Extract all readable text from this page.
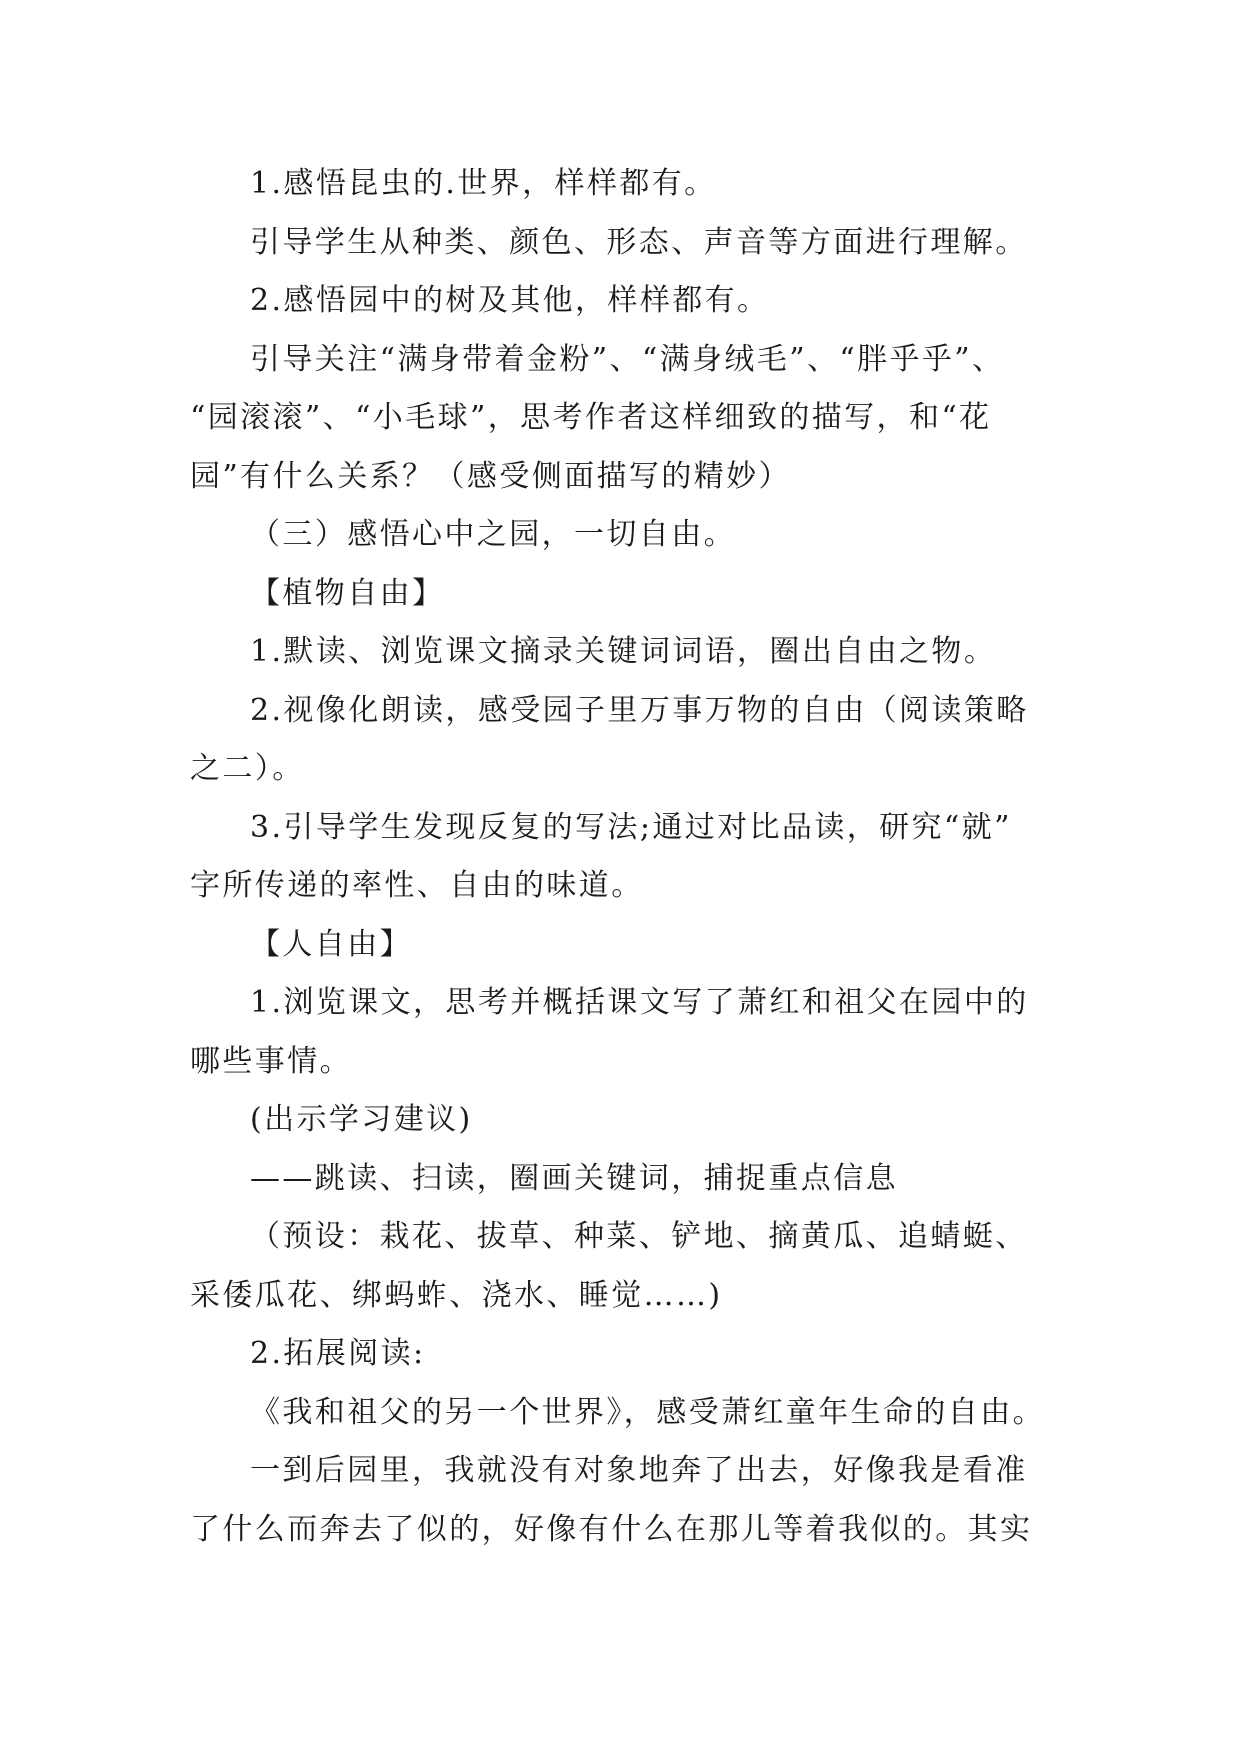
1.感悟昆虫的.世界，样样都有。

引导学生从种类、颜色、形态、声音等方面进行理解。

2.感悟园中的树及其他，样样都有。

引导关注“满身带着金粉”、“满身绒毛”、“胖乎乎”、

“园滚滚”、“小毛球”，思考作者这样细致的描写，和“花

园”有什么关系？（感受侧面描写的精妙）

（三）感悟心中之园，一切自由。

【植物自由】

1.默读、浏览课文摘录关键词词语，圈出自由之物。

2.视像化朗读，感受园子里万事万物的自由（阅读策略

之二）。

3.引导学生发现反复的写法;通过对比品读，研究“就”

字所传递的率性、自由的味道。

【人自由】

1.浏览课文，思考并概括课文写了萧红和祖父在园中的

哪些事情。

(出示学习建议)

——跳读、扫读，圈画关键词，捕捉重点信息

（预设：栽花、拔草、种菜、铲地、摘黄瓜、追蜻蜓、

采倭瓜花、绑蚂蚱、浇水、睡觉……)

2.拓展阅读:

《我和祖父的另一个世界》，感受萧红童年生命的自由。

一到后园里，我就没有对象地奔了出去，好像我是看准

了什么而奔去了似的，好像有什么在那儿等着我似的。其实
